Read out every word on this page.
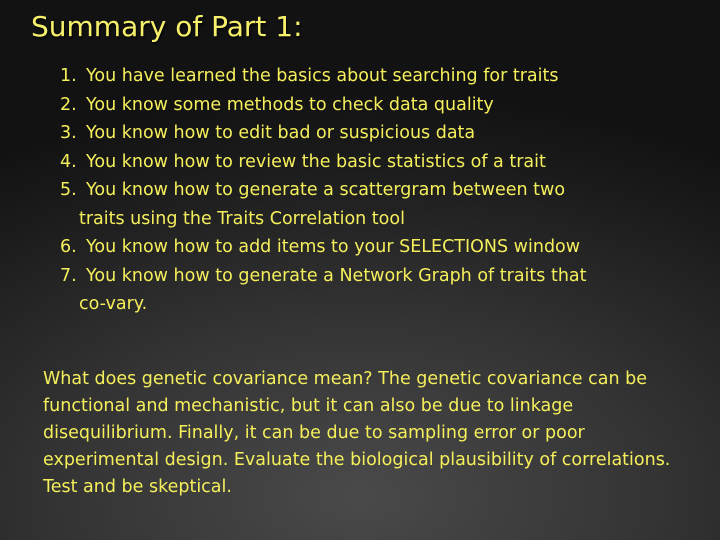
Summary of Part 1:
1. You have learned the basics about searching for traits
2. You know some methods to check data quality
3. You know how to edit bad or suspicious data
4. You know how to review the basic statistics of a trait
5. You know how to generate a scattergram between two
traits using the Traits Correlation tool
6. You know how to add items to your SELECTIONS window
7. You know how to generate a Network Graph of traits that
co-vary.

What does genetic covariance mean? The genetic covariance can be functional and mechanistic, but it can also be due to linkage disequilibrium. Finally, it can be due to sampling error or poor experimental design. Evaluate the biological plausibility of correlations. Test and be skeptical.
